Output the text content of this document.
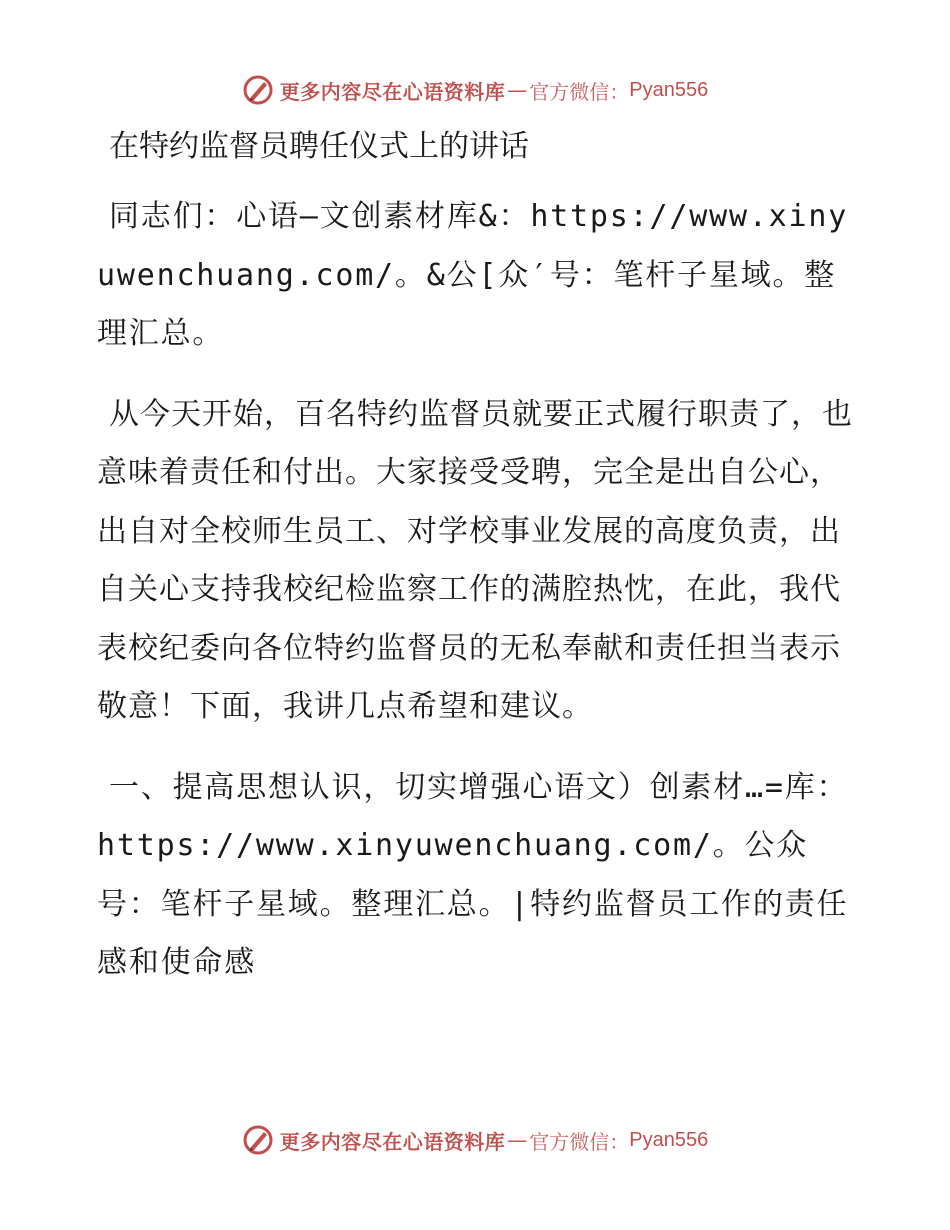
更多内容尽在心语资料库 — 官方微信： Pyan556
在特约监督员聘任仪式上的讲话

同志们：心语—文创素材库&：https://www.xinyuwenchuang.com/。&公[众′号：笔杆子星域。整理汇总。

从今天开始，百名特约监督员就要正式履行职责了，也意味着责任和付出。大家接受受聘，完全是出自公心，出自对全校师生员工、对学校事业发展的高度负责，出自关心支持我校纪检监察工作的满腔热忱，在此，我代表校纪委向各位特约监督员的无私奉献和责任担当表示敬意！下面，我讲几点希望和建议。

一、提高思想认识，切实增强心语文）创素材…=库：https://www.xinyuwenchuang.com/。公众号：笔杆子星域。整理汇总。|特约监督员工作的责任感和使命感

更多内容尽在心语资料库 — 官方微信： Pyan556
